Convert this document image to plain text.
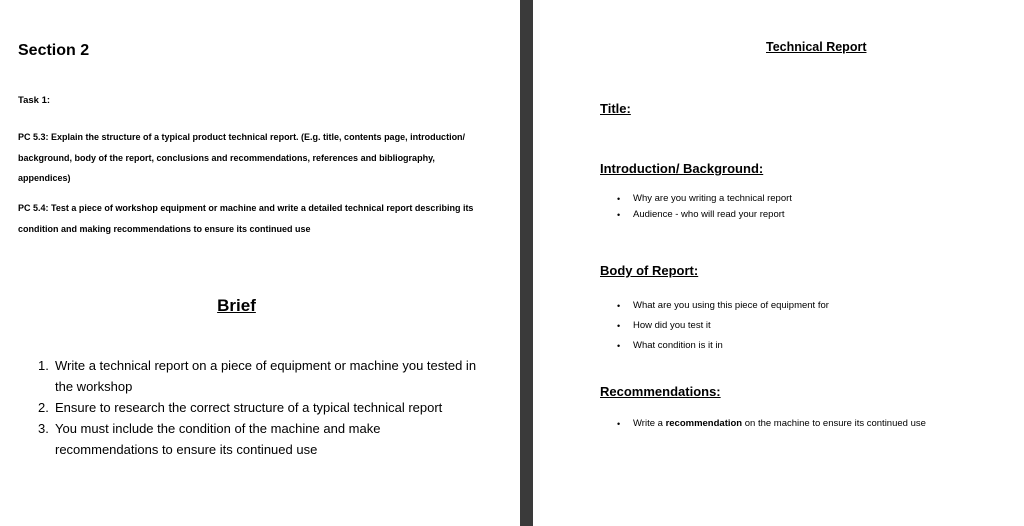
Section 2
Task 1:

PC 5.3: Explain the structure of a typical product technical report. (E.g. title, contents page, introduction/ background, body of the report, conclusions and recommendations, references and bibliography, appendices)

PC 5.4: Test a piece of workshop equipment or machine and write a detailed technical report describing its condition and making recommendations to ensure its continued use

Brief
1. Write a technical report on a piece of equipment or machine you tested in the workshop
2. Ensure to research the correct structure of a typical technical report
3. You must include the condition of the machine and make recommendations to ensure its continued use
Technical Report
Title:
Introduction/ Background:
• Why are you writing a technical report
• Audience - who will read your report
Body of Report:
• What are you using this piece of equipment for
• How did you test it
• What condition is it in
Recommendations:
• Write a recommendation on the machine to ensure its continued use
